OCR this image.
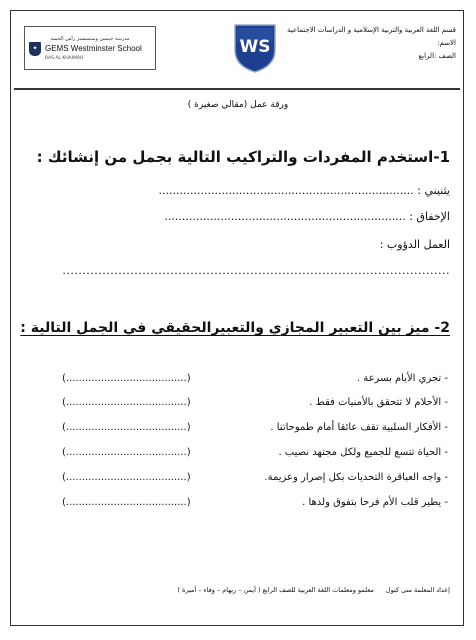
مدرسة جيمس وستمنستر رأس الخيمة
✦ GEMS Westminster School
RAS AL KHAIMAH
WS
قسم اللغة العربية والتربية الإسلامية و الدراسات الاجتماعية
الاسم:
الصف :الرابع
ورقة عمل (مقالي صغيرة )
1-استخدم المفردات والتراكيب التالية بجمل من إنشائك :
يثنيني : .........................................................................
الإخفاق : .....................................................................
العمل الدؤوب :
.................................................................................................
2- ميز بين التعبير المجازي والتعبيرالحقيقي في الجمل التالية :
- تجري الأيام بسرعة .
(......................................)
- الأحلام لا تتحقق بالأمنيات فقط .
(......................................)
- الأفكار السلبية تقف عائقا أمام طموحاتنا .
(......................................)
- الحياة تتسع للجميع ولكل مجتهد نصيب .
(......................................)
- واجه العباقرة التحديات بكل إصرار وعزيمة.
(......................................)
- يطير قلب الأم فرحا بتفوق ولدها .
(......................................)
إعداد المعلمة منى كبول معلمو ومعلمات اللغة العربية للصف الرابع ( أيمن – ريهام – وفاء – أميرة )
